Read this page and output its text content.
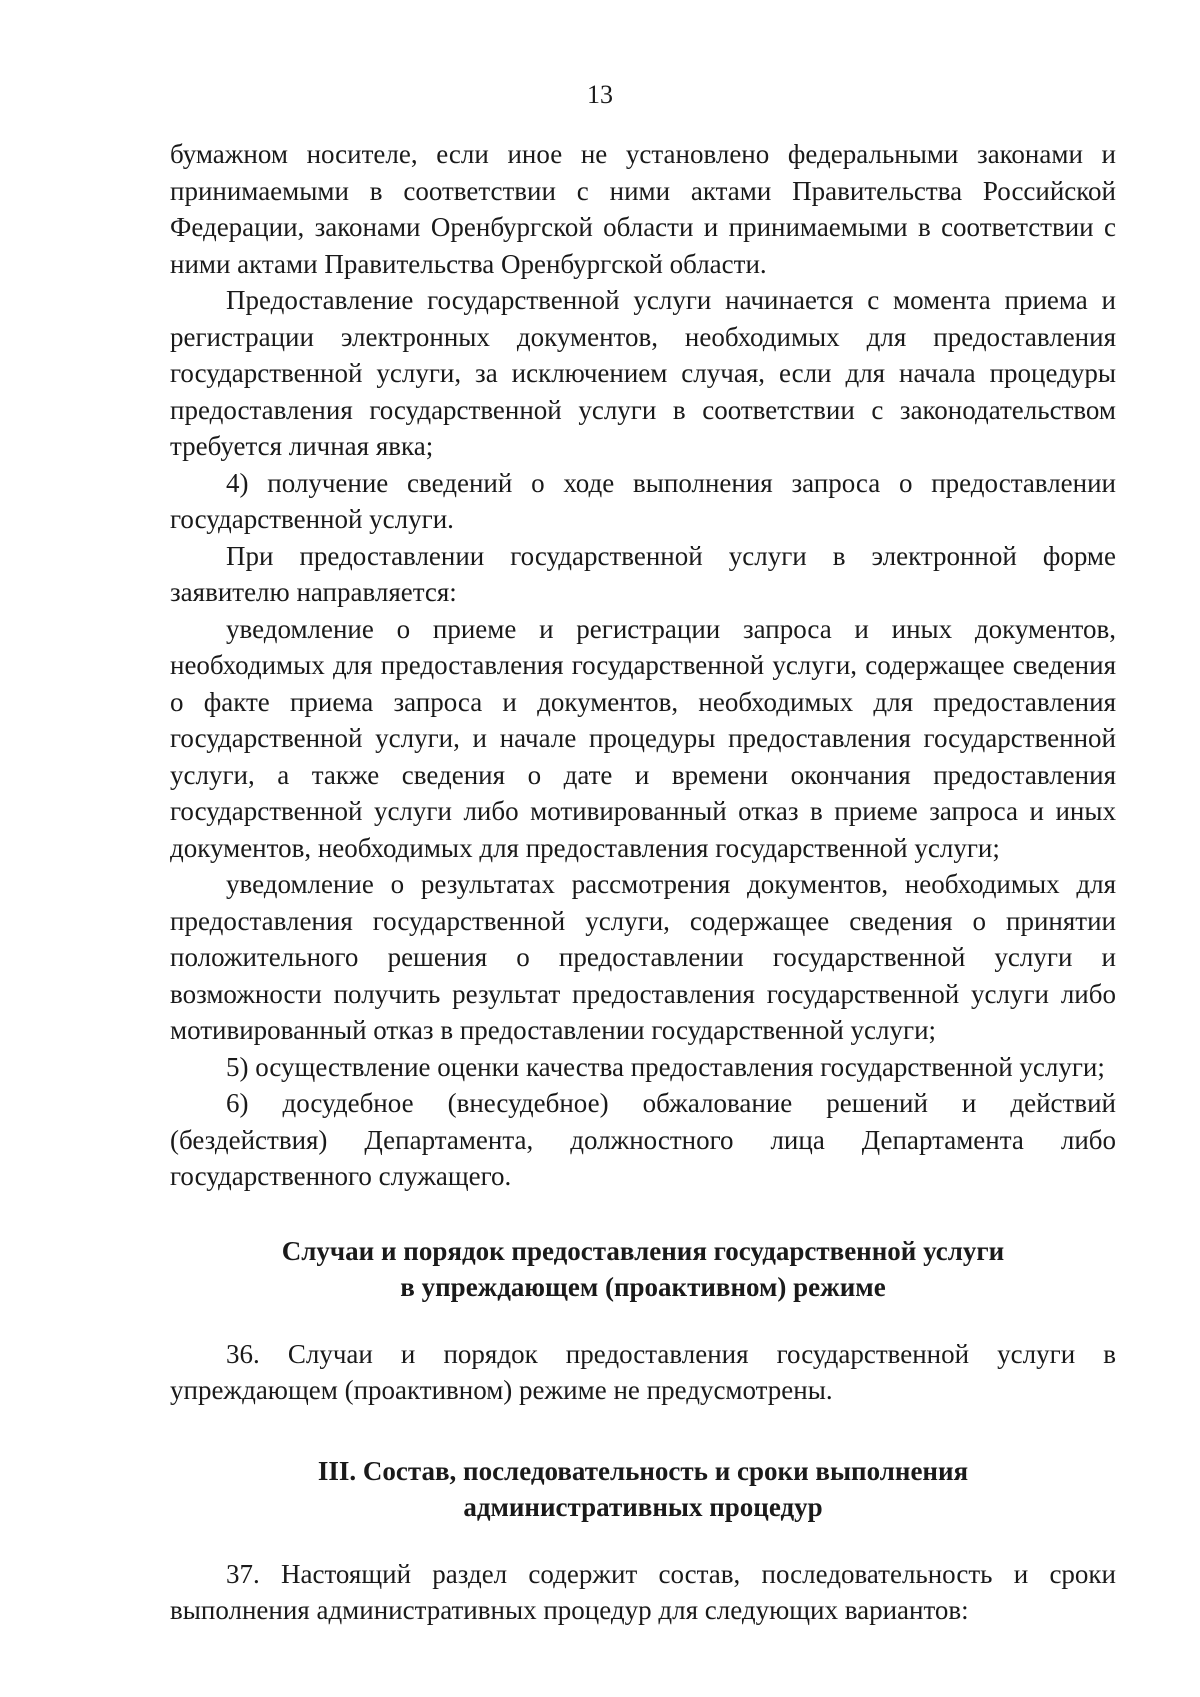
13

бумажном носителе, если иное не установлено федеральными законами и принимаемыми в соответствии с ними актами Правительства Российской Федерации, законами Оренбургской области и принимаемыми в соответствии с ними актами Правительства Оренбургской области.

Предоставление государственной услуги начинается с момента приема и регистрации электронных документов, необходимых для предоставления государственной услуги, за исключением случая, если для начала процедуры предоставления государственной услуги в соответствии с законодательством требуется личная явка;

4) получение сведений о ходе выполнения запроса о предоставлении государственной услуги.

При предоставлении государственной услуги в электронной форме заявителю направляется:

уведомление о приеме и регистрации запроса и иных документов, необходимых для предоставления государственной услуги, содержащее сведения о факте приема запроса и документов, необходимых для предоставления государственной услуги, и начале процедуры предоставления государственной услуги, а также сведения о дате и времени окончания предоставления государственной услуги либо мотивированный отказ в приеме запроса и иных документов, необходимых для предоставления государственной услуги;

уведомление о результатах рассмотрения документов, необходимых для предоставления государственной услуги, содержащее сведения о принятии положительного решения о предоставлении государственной услуги и возможности получить результат предоставления государственной услуги либо мотивированный отказ в предоставлении государственной услуги;

5) осуществление оценки качества предоставления государственной услуги;

6) досудебное (внесудебное) обжалование решений и действий (бездействия) Департамента, должностного лица Департамента либо государственного служащего.

Случаи и порядок предоставления государственной услуги
в упреждающем (проактивном) режиме

36. Случаи и порядок предоставления государственной услуги в упреждающем (проактивном) режиме не предусмотрены.

III. Состав, последовательность и сроки выполнения
административных процедур

37. Настоящий раздел содержит состав, последовательность и сроки выполнения административных процедур для следующих вариантов:
